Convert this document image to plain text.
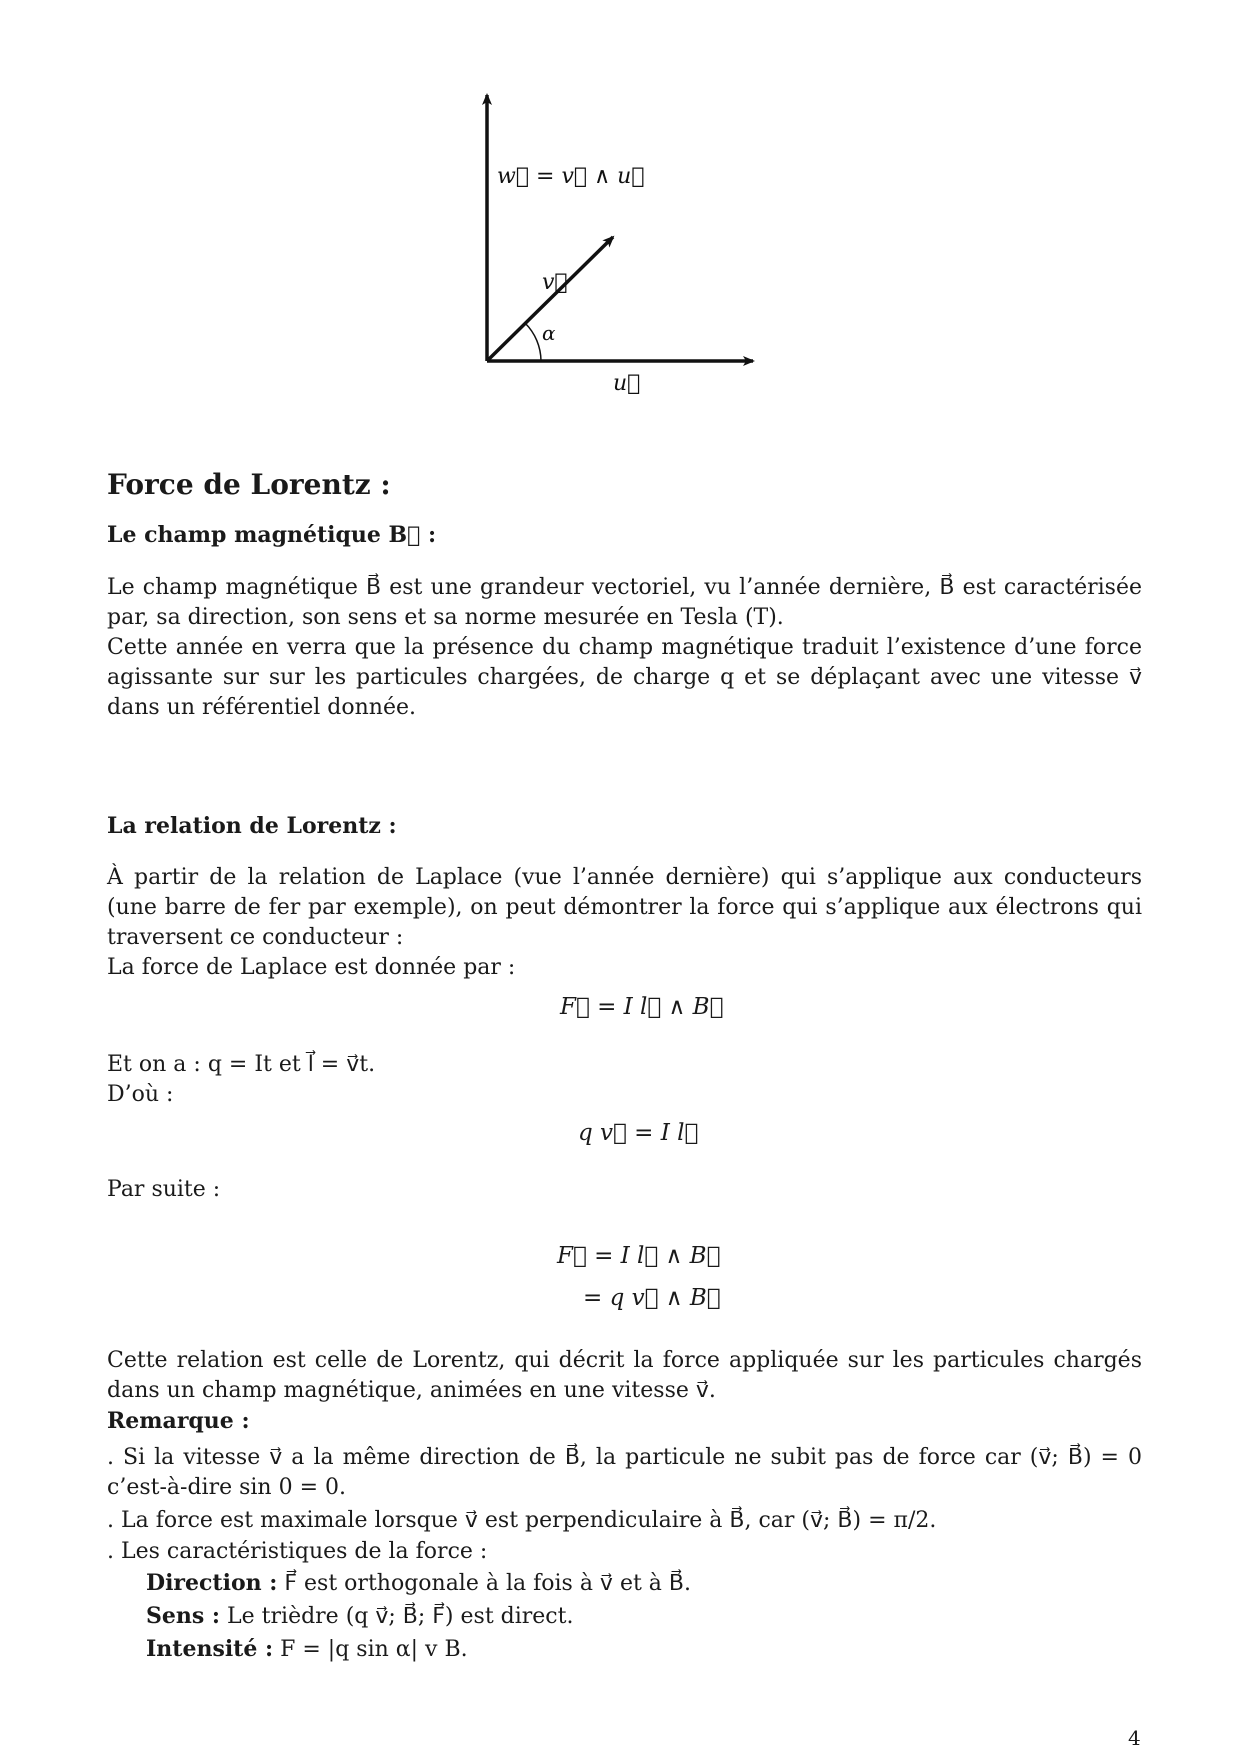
w⃗ = v⃗ ∧ u⃗
v⃗
α
u⃗
Force de Lorentz :
Le champ magnétique B⃗ :
Le champ magnétique B⃗ est une grandeur vectoriel, vu l’année dernière, B⃗ est caractérisée par, sa direction, son sens et sa norme mesurée en Tesla (T).
Cette année en verra que la présence du champ magnétique traduit l’existence d’une force agissante sur sur les particules chargées, de charge q et se déplaçant avec une vitesse v⃗ dans un référentiel donnée.
La relation de Lorentz :
À partir de la relation de Laplace (vue l’année dernière) qui s’applique aux conducteurs (une barre de fer par exemple), on peut démontrer la force qui s’applique aux électrons qui traversent ce conducteur :
La force de Laplace est donnée par :
F⃗ = I l⃗ ∧ B⃗
Et on a : q = It et l⃗ = v⃗t.
D’où :
q v⃗ = I l⃗
Par suite :
F⃗ = I l⃗ ∧ B⃗
= q v⃗ ∧ B⃗
Cette relation est celle de Lorentz, qui décrit la force appliquée sur les particules chargés dans un champ magnétique, animées en une vitesse v⃗.
Remarque :
. Si la vitesse v⃗ a la même direction de B⃗, la particule ne subit pas de force car (v⃗; B⃗) = 0 c’est-à-dire sin 0 = 0.
. La force est maximale lorsque v⃗ est perpendiculaire à B⃗, car (v⃗; B⃗) = π/2.
. Les caractéristiques de la force :
Direction : F⃗ est orthogonale à la fois à v⃗ et à B⃗.
Sens : Le trièdre (q v⃗; B⃗; F⃗) est direct.
Intensité : F = |q sin α| v B.
4
